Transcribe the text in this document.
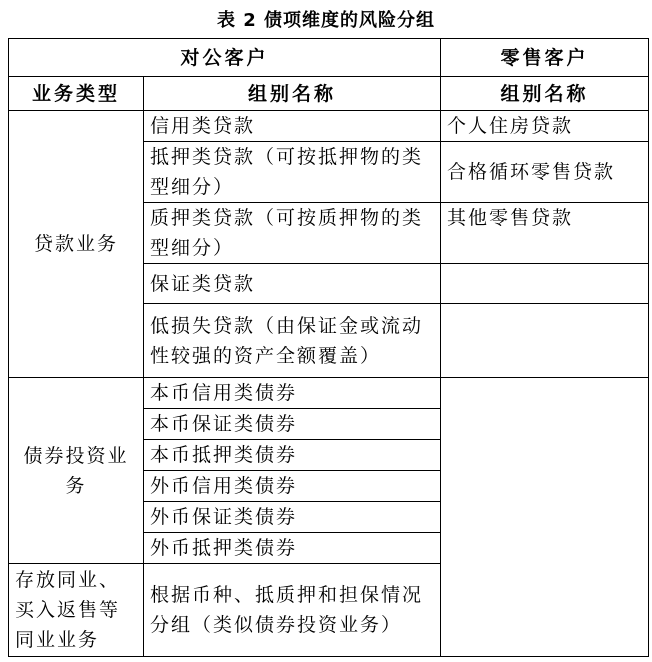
表 2 债项维度的风险分组
对公客户		零售客户
业务类型	组别名称	组别名称
贷款业务	信用类贷款	个人住房贷款
	抵押类贷款（可按抵押物的类型细分）	合格循环零售贷款
	质押类贷款（可按质押物的类型细分）	其他零售贷款
	保证类贷款	
	低损失贷款（由保证金或流动性较强的资产全额覆盖）	
债券投资业务	本币信用类债券	
	本币保证类债券	
	本币抵押类债券	
	外币信用类债券	
	外币保证类债券	
	外币抵押类债券	
存放同业、买入返售等同业业务	根据币种、抵质押和担保情况分组（类似债券投资业务）	
